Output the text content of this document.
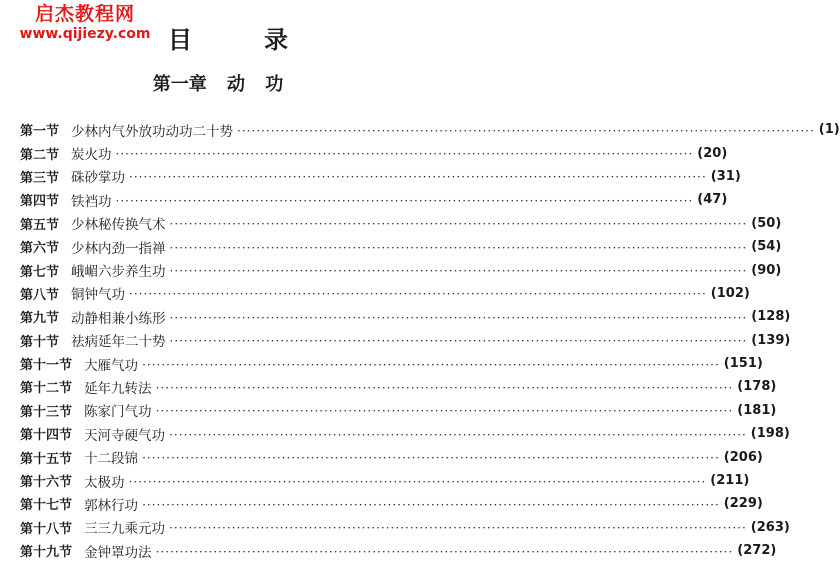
启杰教程网
www.qijiezy.com 目	录
第一章 动 功
第 一 节 少林内气外放功动功二十势 ························································································································ ( 1 )
第 二 节 炭火功 ························································································································ ( 20 )
第 三 节 硃砂掌功 ························································································································ ( 31 )
第 四 节 铁裆功 ························································································································ ( 47 )
第 五 节 少林秘传换气术 ························································································································ ( 50 )
第 六 节 少林内劲一指禅 ························································································································ ( 54 )
第 七 节 峨嵋六步养生功 ························································································································ ( 90 )
第 八 节 铜钟气功 ························································································································ ( 102 )
第 九 节 动静相兼小练形 ························································································································ ( 128 )
第 十 节 祛病延年二十势 ························································································································ ( 139 )
第 十 一 节 大雁气功 ························································································································ ( 151 )
第 十 二 节 延年九转法 ························································································································ ( 178 )
第 十 三 节 陈家门气功 ························································································································ ( 181 )
第 十 四 节 天河寺硬气功 ························································································································ ( 198 )
第 十 五 节 十二段锦 ························································································································ ( 206 )
第 十 六 节 太极功 ························································································································ ( 211 )
第 十 七 节 郭林行功 ························································································································ ( 229 )
第 十 八 节 三三九乘元功 ························································································································ ( 263 )
第 十 九 节 金钟罩功法 ························································································································ ( 272 )
